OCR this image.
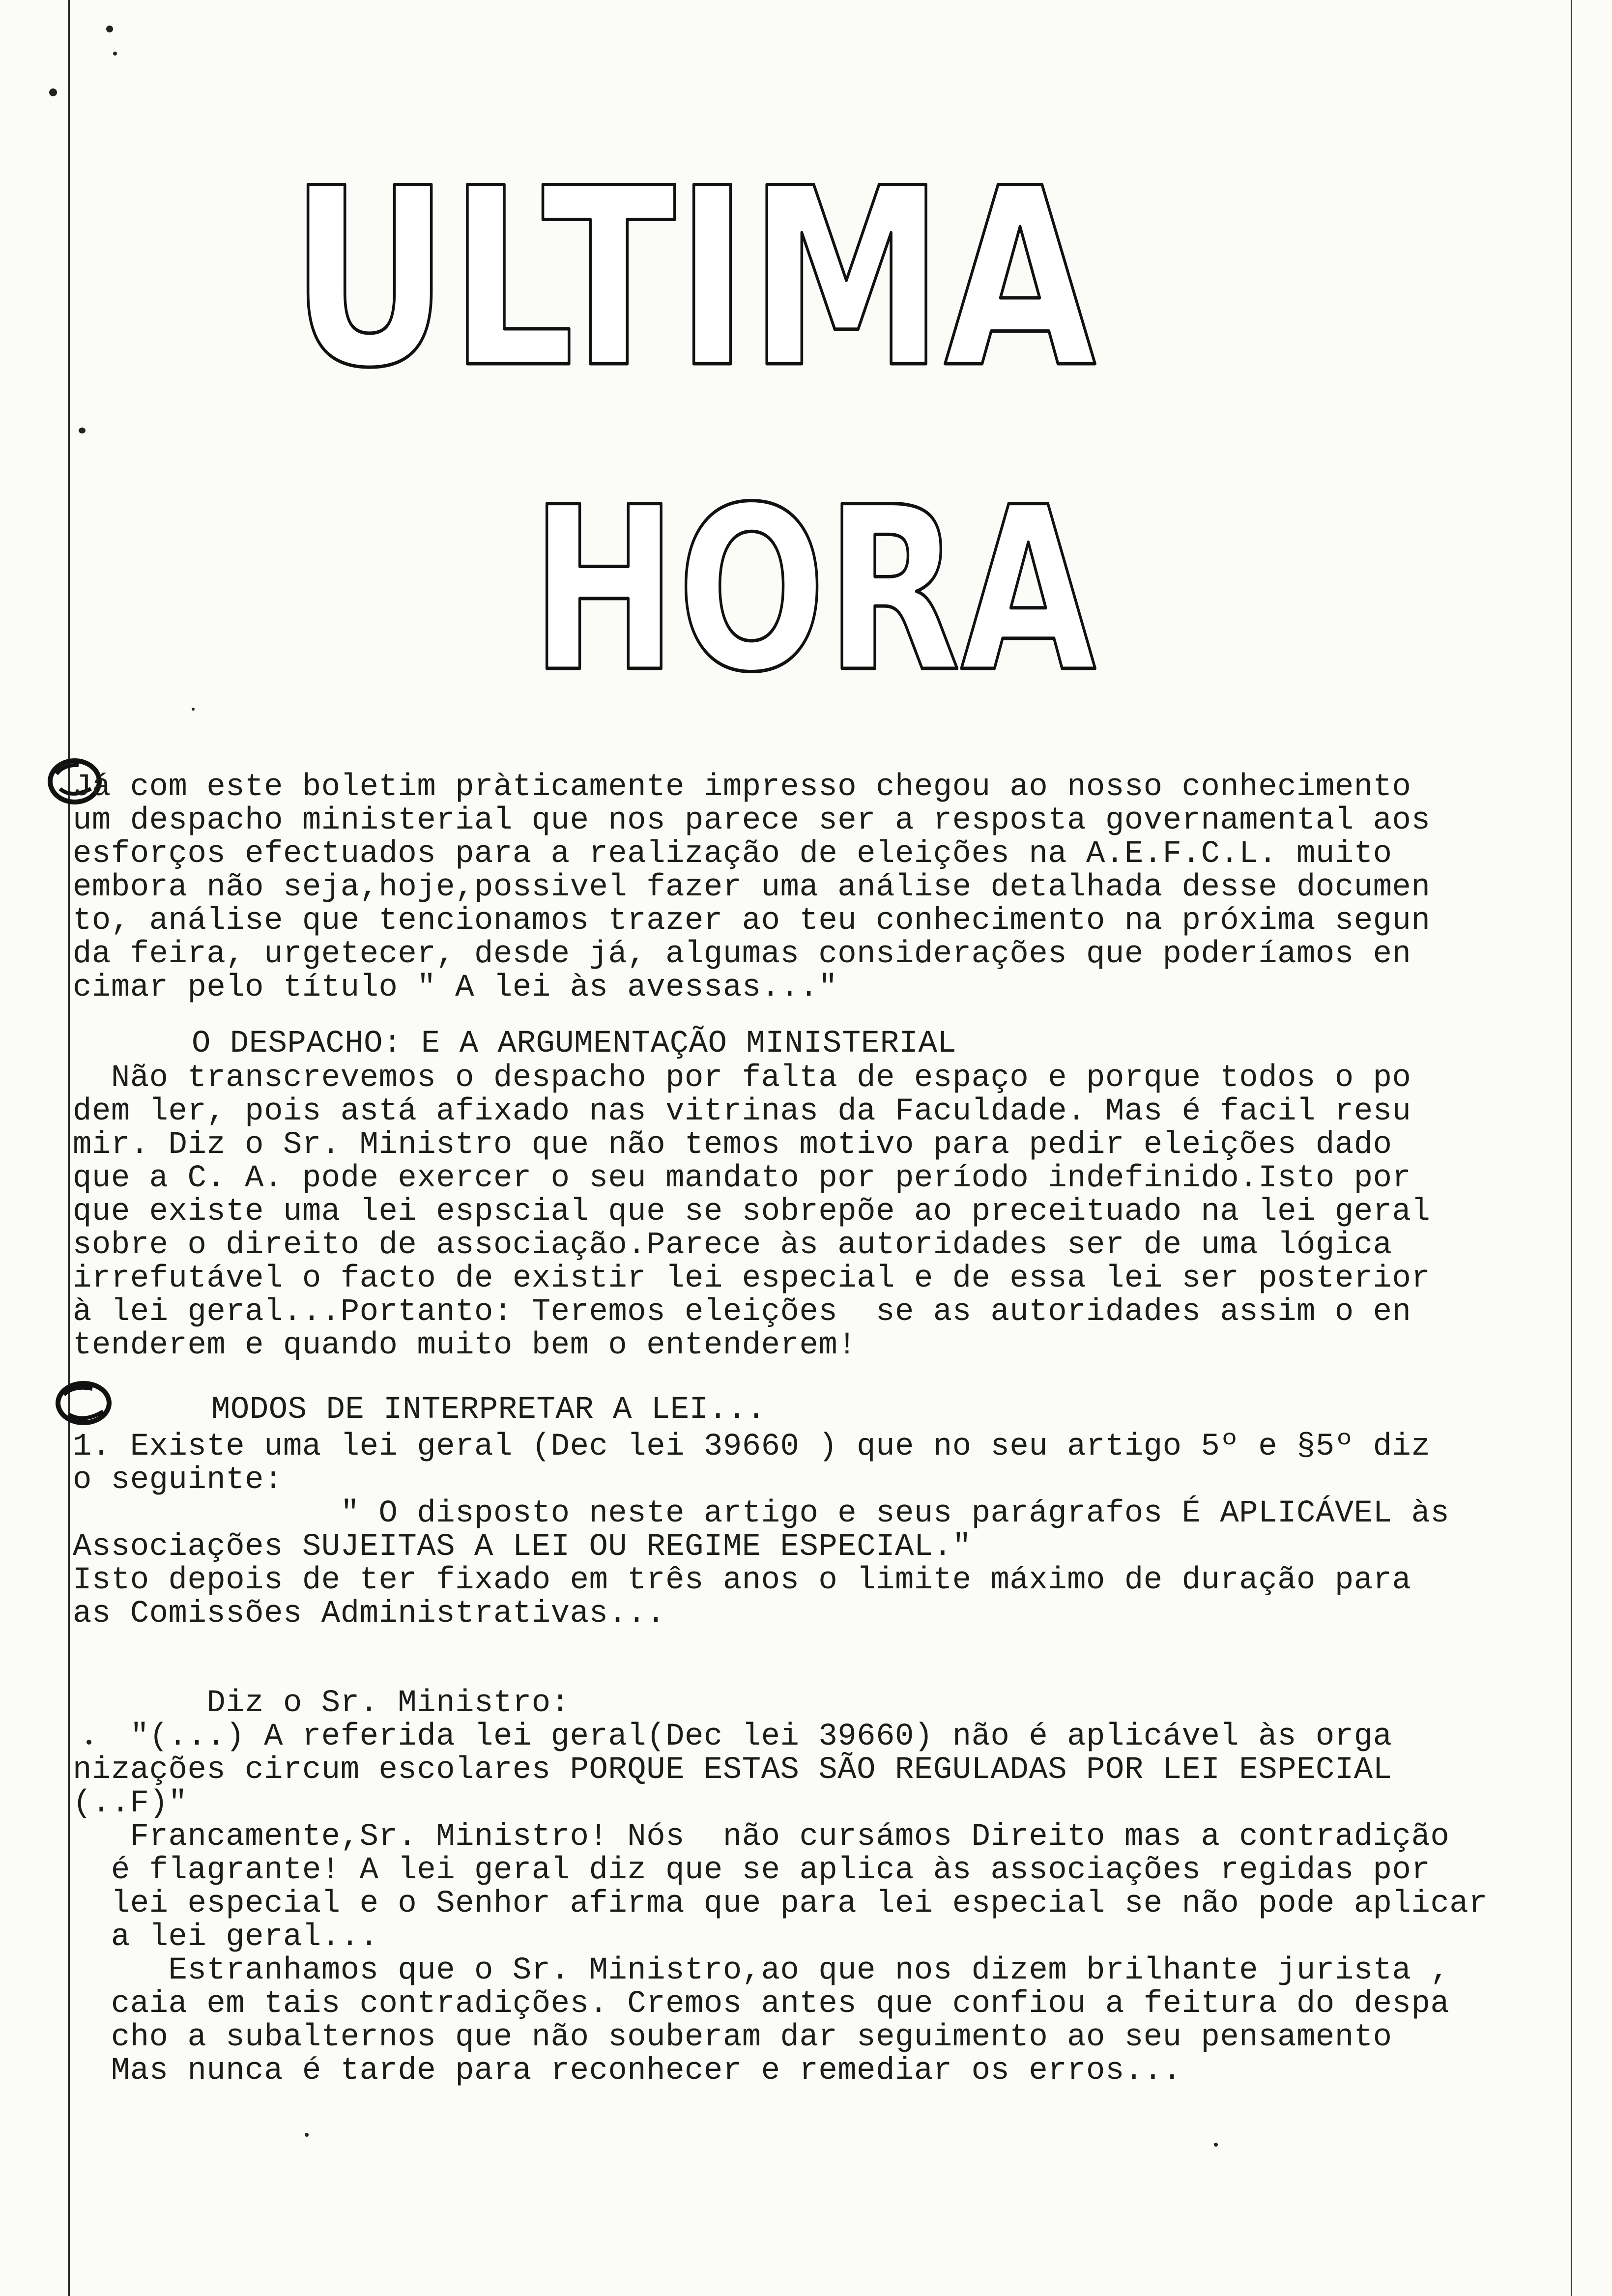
ULTIMA
HORA
Já com este boletim pràticamente impresso chegou ao nosso conhecimento
um despacho ministerial que nos parece ser a resposta governamental aos
esforços efectuados para a realização de eleições na A.E.F.C.L. muito
embora não seja,hoje,possivel fazer uma análise detalhada desse documen
to, análise que tencionamos trazer ao teu conhecimento na próxima segun
da feira, urgetecer, desde já, algumas considerações que poderíamos en
cimar pelo título " A lei às avessas..."
O DESPACHO: E A ARGUMENTAÇÃO MINISTERIAL
Não transcrevemos o despacho por falta de espaço e porque todos o po
dem ler, pois astá afixado nas vitrinas da Faculdade. Mas é facil resu
mir. Diz o Sr. Ministro que não temos motivo para pedir eleições dado
que a C. A. pode exercer o seu mandato por período indefinido.Isto por
que existe uma lei espscial que se sobrepõe ao preceituado na lei geral
sobre o direito de associação.Parece às autoridades ser de uma lógica
irrefutável o facto de existir lei especial e de essa lei ser posterior
à lei geral...Portanto: Teremos eleições  se as autoridades assim o en
tenderem e quando muito bem o entenderem!
MODOS DE INTERPRETAR A LEI...
1. Existe uma lei geral (Dec lei 39660 ) que no seu artigo 5º e §5º diz
o seguinte:
" O disposto neste artigo e seus parágrafos É APLICÁVEL às
Associações SUJEITAS A LEI OU REGIME ESPECIAL."
Isto depois de ter fixado em três anos o limite máximo de duração para
as Comissões Administrativas...
Diz o Sr. Ministro:
"(...) A referida lei geral(Dec lei 39660) não é aplicável às orga
nizações circum escolares PORQUE ESTAS SÃO REGULADAS POR LEI ESPECIAL
(..F)"
Francamente,Sr. Ministro! Nós  não cursámos Direito mas a contradição
é flagrante! A lei geral diz que se aplica às associações regidas por
lei especial e o Senhor afirma que para lei especial se não pode aplicar
a lei geral...
Estranhamos que o Sr. Ministro,ao que nos dizem brilhante jurista ,
caia em tais contradições. Cremos antes que confiou a feitura do despa
cho a subalternos que não souberam dar seguimento ao seu pensamento
Mas nunca é tarde para reconhecer e remediar os erros...
